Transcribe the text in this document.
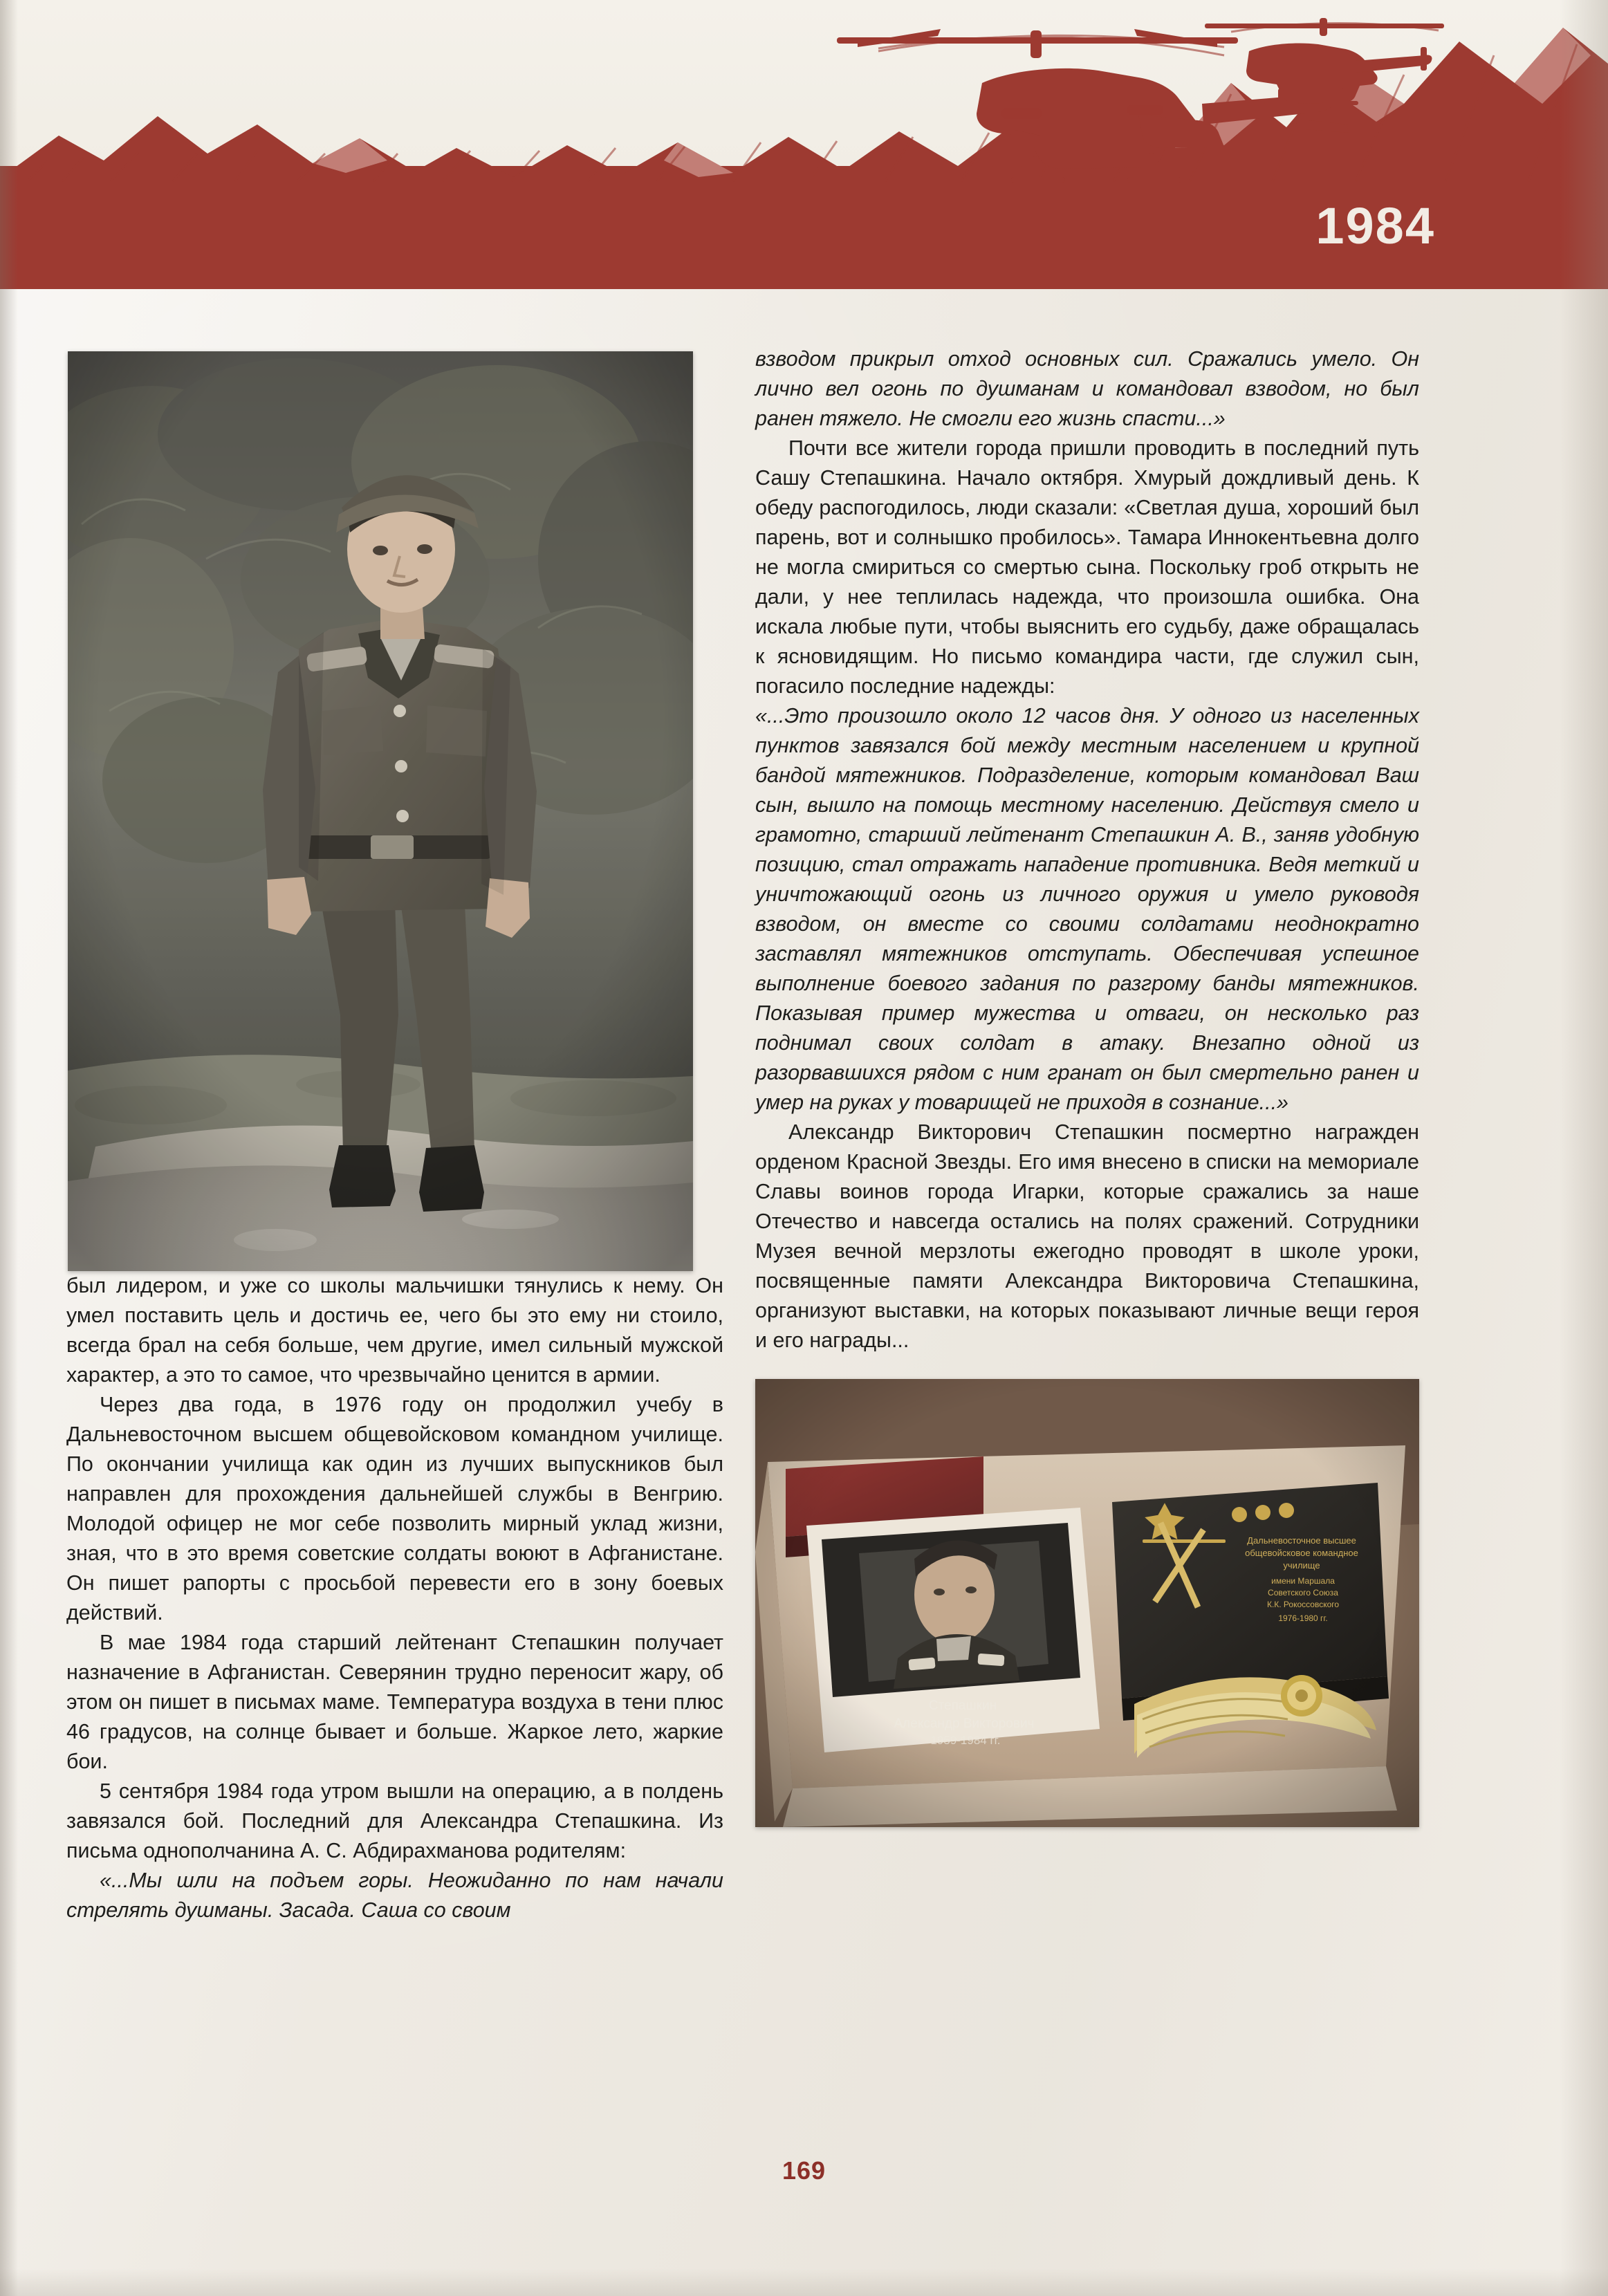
1984

был лидером, и уже со школы мальчишки тянулись к нему. Он умел поставить цель и достичь ее, чего бы это ему ни стоило, всегда брал на себя больше, чем другие, имел сильный мужской характер, а это то самое, что чрезвычайно ценится в армии.

Через два года, в 1976 году он продолжил учебу в Дальневосточном высшем общевойсковом командном училище. По окончании училища как один из лучших выпускников был направлен для прохождения дальнейшей службы в Венгрию. Молодой офицер не мог себе позволить мирный уклад жизни, зная, что в это время советские солдаты воюют в Афганистане. Он пишет рапорты с просьбой перевести его в зону боевых действий.

В мае 1984 года старший лейтенант Степашкин получает назначение в Афганистан. Северянин трудно переносит жару, об этом он пишет в письмах маме. Температура воздуха в тени плюс 46 градусов, на солнце бывает и больше. Жаркое лето, жаркие бои.

5 сентября 1984 года утром вышли на операцию, а в полдень завязался бой. Последний для Александра Степашкина. Из письма однополчанина А. С. Абдирахманова родителям:

«...Мы шли на подъем горы. Неожиданно по нам начали стрелять душманы. Засада. Саша со своим

взводом прикрыл отход основных сил. Сражались умело. Он лично вел огонь по душманам и командовал взводом, но был ранен тяжело. Не смогли его жизнь спасти...»

Почти все жители города пришли проводить в последний путь Сашу Степашкина. Начало октября. Хмурый дождливый день. К обеду распогодилось, люди сказали: «Светлая душа, хороший был парень, вот и солнышко пробилось». Тамара Иннокентьевна долго не могла смириться со смертью сына. Поскольку гроб открыть не дали, у нее теплилась надежда, что произошла ошибка. Она искала любые пути, чтобы выяснить его судьбу, даже обращалась к ясновидящим. Но письмо командира части, где служил сын, погасило последние надежды:

«...Это произошло около 12 часов дня. У одного из населенных пунктов завязался бой между местным населением и крупной бандой мятежников. Подразделение, которым командовал Ваш сын, вышло на помощь местному населению. Действуя смело и грамотно, старший лейтенант Степашкин А. В., заняв удобную позицию, стал отражать нападение противника. Ведя меткий и уничтожающий огонь из личного оружия и умело руководя взводом, он вместе со своими солдатами неоднократно заставлял мятежников отступать. Обеспечивая успешное выполнение боевого задания по разгрому банды мятежников. Показывая пример мужества и отваги, он несколько раз поднимал своих солдат в атаку. Внезапно одной из разорвавшихся рядом с ним гранат он был смертельно ранен и умер на руках у товарищей не приходя в сознание...»

Александр Викторович Степашкин посмертно награжден орденом Красной Звезды. Его имя внесено в списки на мемориале Славы воинов города Игарки, которые сражались за наше Отечество и навсегда остались на полях сражений. Сотрудники Музея вечной мерзлоты ежегодно проводят в школе уроки, посвященные памяти Александра Викторовича Степашкина, организуют выставки, на которых показывают личные вещи героя и его награды...

169
